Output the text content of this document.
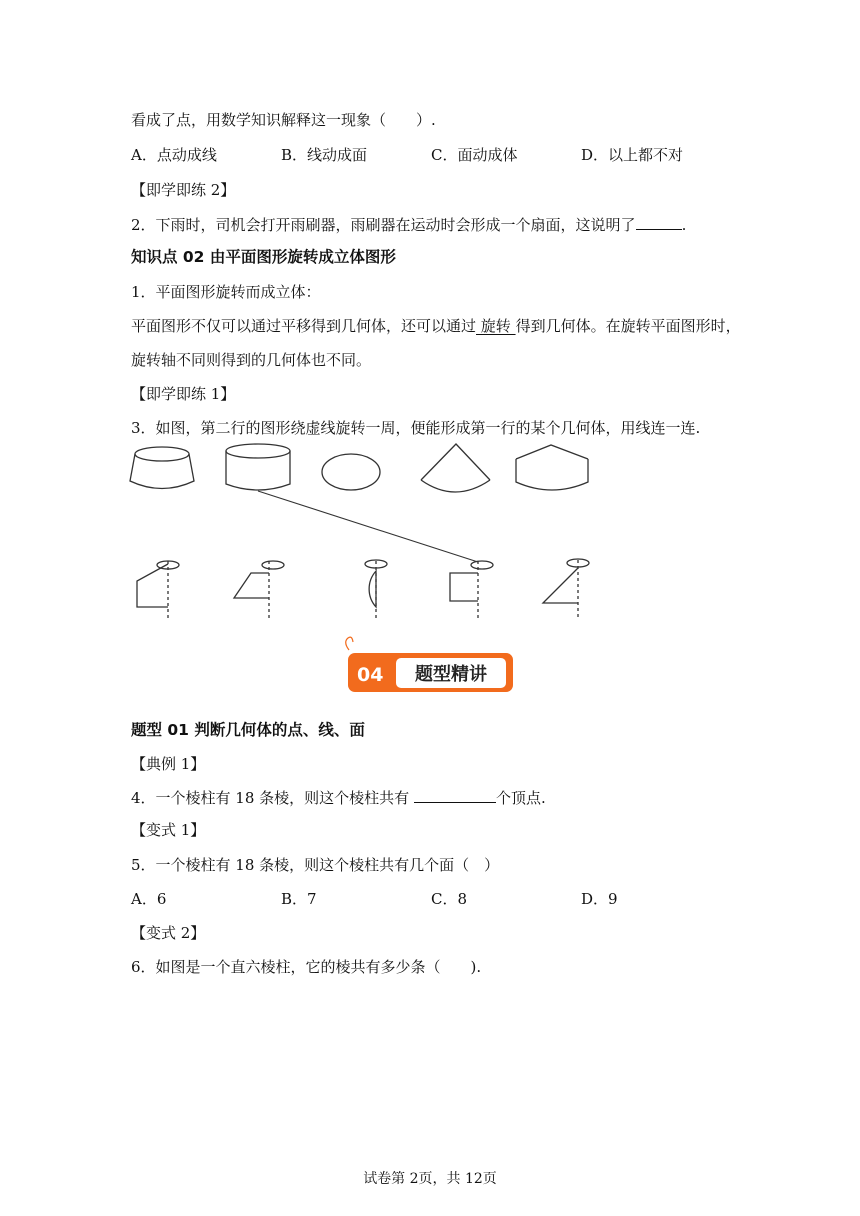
看成了点，用数学知识解释这一现象（　　）.
A．点动成线	B．线动成面	C．面动成体	D．以上都不对
【即学即练 2】
2．下雨时，司机会打开雨刷器，雨刷器在运动时会形成一个扇面，这说明了	.
知识点 02 由平面图形旋转成立体图形
1．平面图形旋转而成立体：
平面图形不仅可以通过平移得到几何体，还可以通过 旋转 得到几何体。在旋转平面图形时，
旋转轴不同则得到的几何体也不同。
【即学即练 1】
3．如图，第二行的图形绕虚线旋转一周，便能形成第一行的某个几何体，用线连一连.
04 题型精讲
题型 01 判断几何体的点、线、面
【典例 1】
4．一个棱柱有 18 条棱，则这个棱柱共有	个顶点.
【变式 1】
5．一个棱柱有 18 条棱，则这个棱柱共有几个面（　）
A．6	B．7	C．8	D．9
【变式 2】
6．如图是一个直六棱柱，它的棱共有多少条（　　).
试卷第 2页，共 12页
